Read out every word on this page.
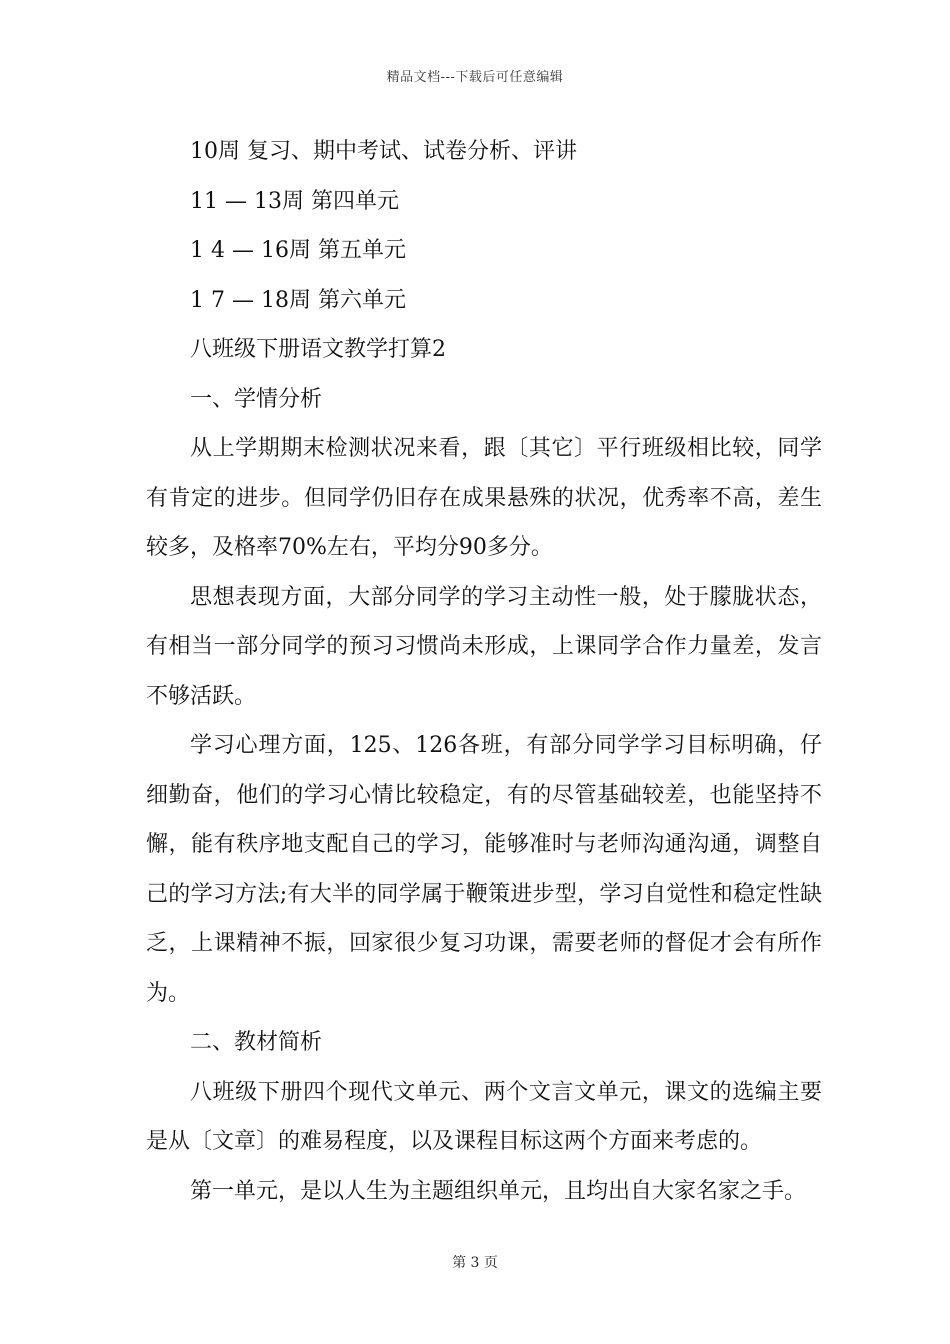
精品文档---下载后可任意编辑

10周 复习、期中考试、试卷分析、评讲

11 — 13周 第四单元

1 4 — 16周 第五单元

1 7 — 18周 第六单元

八班级下册语文教学打算2

一、学情分析

从上学期期末检测状况来看，跟〔其它〕平行班级相比较，同学有肯定的进步。但同学仍旧存在成果悬殊的状况，优秀率不高，差生较多，及格率70%左右，平均分90多分。

思想表现方面，大部分同学的学习主动性一般，处于朦胧状态，有相当一部分同学的预习习惯尚未形成，上课同学合作力量差，发言不够活跃。

学习心理方面，125、126各班，有部分同学学习目标明确，仔细勤奋，他们的学习心情比较稳定，有的尽管基础较差，也能坚持不懈，能有秩序地支配自己的学习，能够准时与老师沟通沟通，调整自己的学习方法;有大半的同学属于鞭策进步型，学习自觉性和稳定性缺乏，上课精神不振，回家很少复习功课，需要老师的督促才会有所作为。

二、教材简析

八班级下册四个现代文单元、两个文言文单元，课文的选编主要是从〔文章〕的难易程度，以及课程目标这两个方面来考虑的。

第一单元，是以人生为主题组织单元，且均出自大家名家之手。

第 3 页
